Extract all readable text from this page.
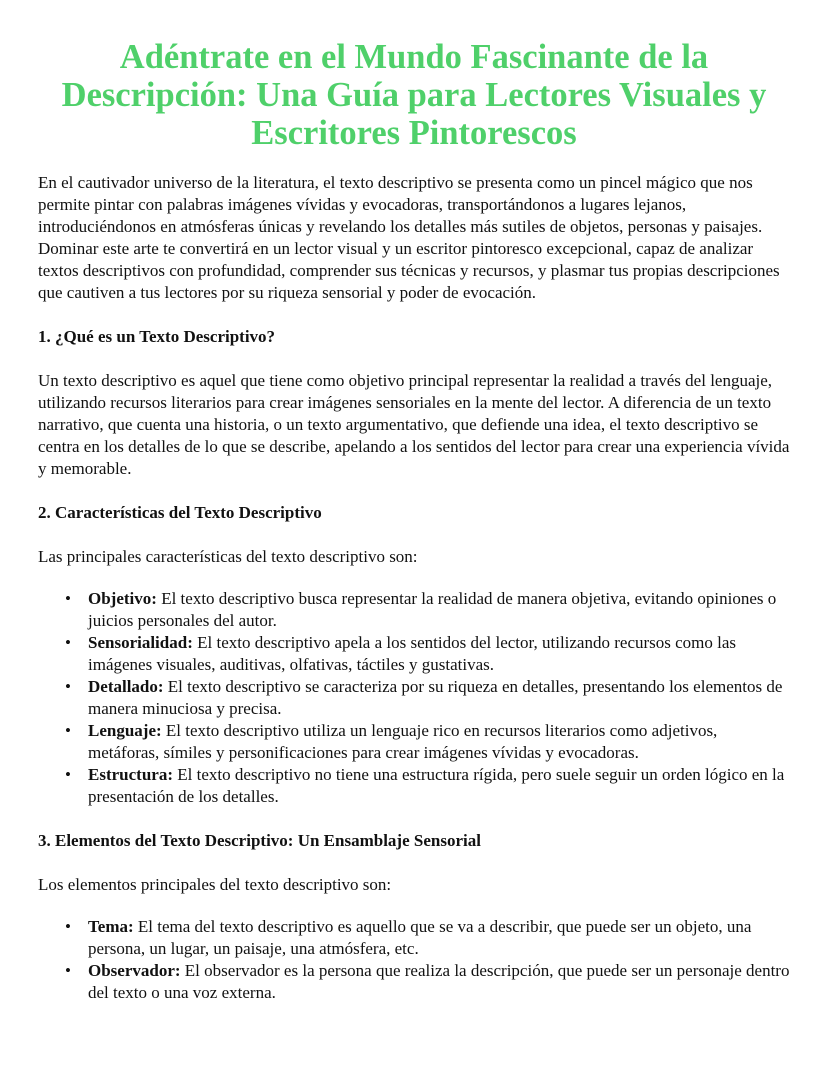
Adéntrate en el Mundo Fascinante de la Descripción: Una Guía para Lectores Visuales y Escritores Pintorescos

En el cautivador universo de la literatura, el texto descriptivo se presenta como un pincel mágico que nos permite pintar con palabras imágenes vívidas y evocadoras, transportándonos a lugares lejanos, introduciéndonos en atmósferas únicas y revelando los detalles más sutiles de objetos, personas y paisajes. Dominar este arte te convertirá en un lector visual y un escritor pintoresco excepcional, capaz de analizar textos descriptivos con profundidad, comprender sus técnicas y recursos, y plasmar tus propias descripciones que cautiven a tus lectores por su riqueza sensorial y poder de evocación.

1. ¿Qué es un Texto Descriptivo?

Un texto descriptivo es aquel que tiene como objetivo principal representar la realidad a través del lenguaje, utilizando recursos literarios para crear imágenes sensoriales en la mente del lector. A diferencia de un texto narrativo, que cuenta una historia, o un texto argumentativo, que defiende una idea, el texto descriptivo se centra en los detalles de lo que se describe, apelando a los sentidos del lector para crear una experiencia vívida y memorable.

2. Características del Texto Descriptivo

Las principales características del texto descriptivo son:

• Objetivo: El texto descriptivo busca representar la realidad de manera objetiva, evitando opiniones o juicios personales del autor.
• Sensorialidad: El texto descriptivo apela a los sentidos del lector, utilizando recursos como las imágenes visuales, auditivas, olfativas, táctiles y gustativas.
• Detallado: El texto descriptivo se caracteriza por su riqueza en detalles, presentando los elementos de manera minuciosa y precisa.
• Lenguaje: El texto descriptivo utiliza un lenguaje rico en recursos literarios como adjetivos, metáforas, símiles y personificaciones para crear imágenes vívidas y evocadoras.
• Estructura: El texto descriptivo no tiene una estructura rígida, pero suele seguir un orden lógico en la presentación de los detalles.
3. Elementos del Texto Descriptivo: Un Ensamblaje Sensorial

Los elementos principales del texto descriptivo son:

• Tema: El tema del texto descriptivo es aquello que se va a describir, que puede ser un objeto, una persona, un lugar, un paisaje, una atmósfera, etc.
• Observador: El observador es la persona que realiza la descripción, que puede ser un personaje dentro del texto o una voz externa.
